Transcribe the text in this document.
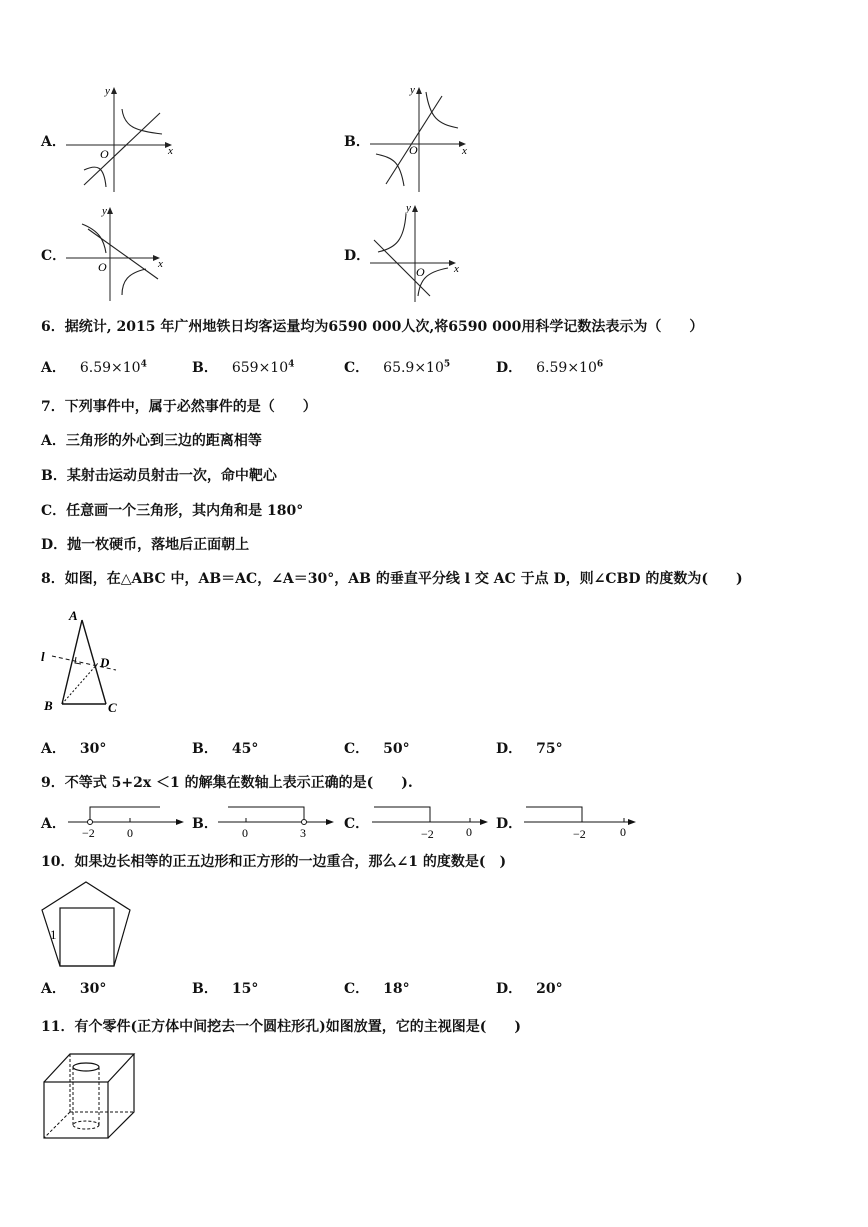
A．
x
y
O
B．
x
y
O
C．	x
y
O
D．
x
y
O
6．据统计, 2015 年广州地铁日均客运量均为6590 000人次,将6590 000用科学记数法表示为（　　）
A． $6.59\times 10^4$	B． $659\times 10^4$	C． $65.9\times 10^5$	D． $6.59\times 10^6$
7．下列事件中，属于必然事件的是（　　）
A．三角形的外心到三边的距离相等
B．某射击运动员射击一次，命中靶心
C．任意画一个三角形，其内角和是 180°
D．抛一枚硬币，落地后正面朝上
8．如图，在△ABC 中，AB＝AC，∠A＝30°，AB 的垂直平分线 l 交 AC 于点 D，则∠CBD 的度数为(　　)
A
B	C
D
l
A． 30°	B． 45°	C． 50°	D． 75°
9．不等式 5+2x ＜1 的解集在数轴上表示正确的是(　　).
A．
−2	0
B．
0	3
C．
−2	0 D．
−2	0
10．如果边长相等的正五边形和正方形的一边重合，那么∠1 的度数是(　)
1
A． 30°	B． 15°	C． 18°	D． 20°
11．有个零件(正方体中间挖去一个圆柱形孔)如图放置，它的主视图是(　　)
